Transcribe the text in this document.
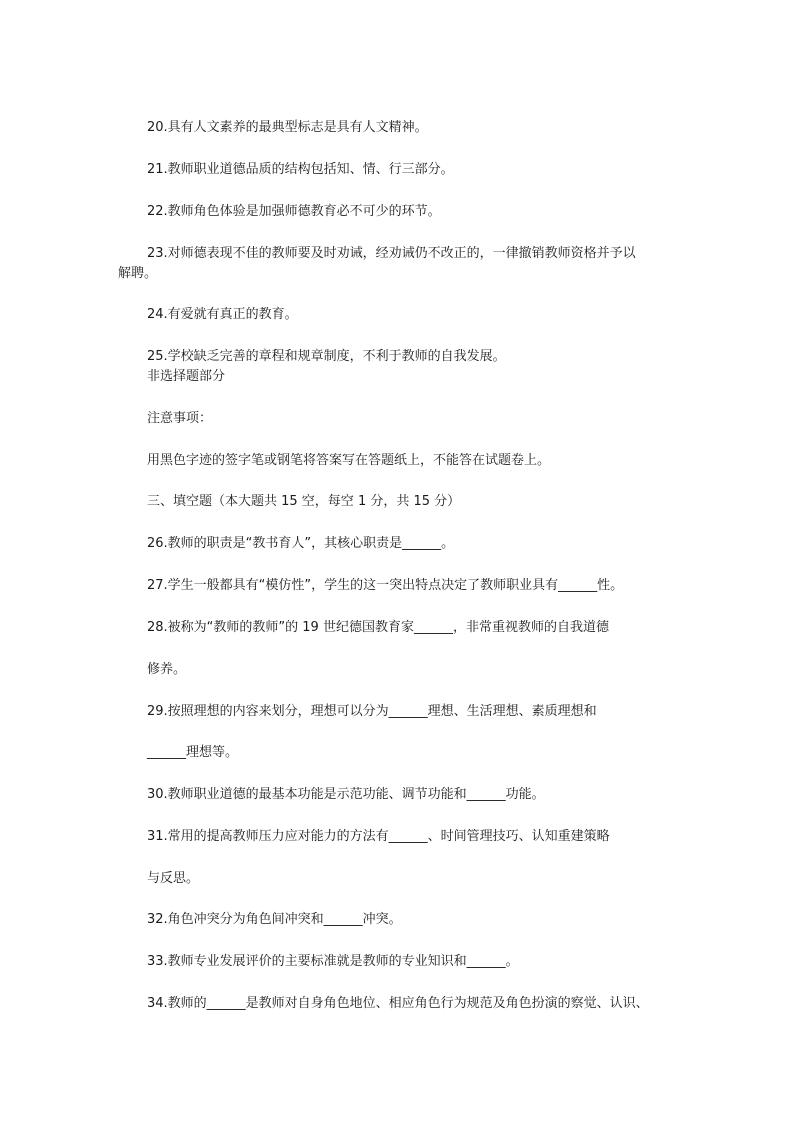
20.具有人文素养的最典型标志是具有人文精神。
21.教师职业道德品质的结构包括知、情、行三部分。
22.教师角色体验是加强师德教育必不可少的环节。
23.对师德表现不佳的教师要及时劝诫，经劝诫仍不改正的，一律撤销教师资格并予以
解聘。
24.有爱就有真正的教育。
25.学校缺乏完善的章程和规章制度，不利于教师的自我发展。
非选择题部分
注意事项：
用黑色字迹的签字笔或钢笔将答案写在答题纸上，不能答在试题卷上。
三、填空题（本大题共 15 空，每空 1 分，共 15 分）
26.教师的职责是“教书育人”，其核心职责是______。
27.学生一般都具有“模仿性”，学生的这一突出特点决定了教师职业具有______性。
28.被称为“教师的教师”的 19 世纪德国教育家______，非常重视教师的自我道德
修养。
29.按照理想的内容来划分，理想可以分为______理想、生活理想、素质理想和
______理想等。
30.教师职业道德的最基本功能是示范功能、调节功能和______功能。
31.常用的提高教师压力应对能力的方法有______、时间管理技巧、认知重建策略
与反思。
32.角色冲突分为角色间冲突和______冲突。
33.教师专业发展评价的主要标准就是教师的专业知识和______。
34.教师的______是教师对自身角色地位、相应角色行为规范及角色扮演的察觉、认识、
